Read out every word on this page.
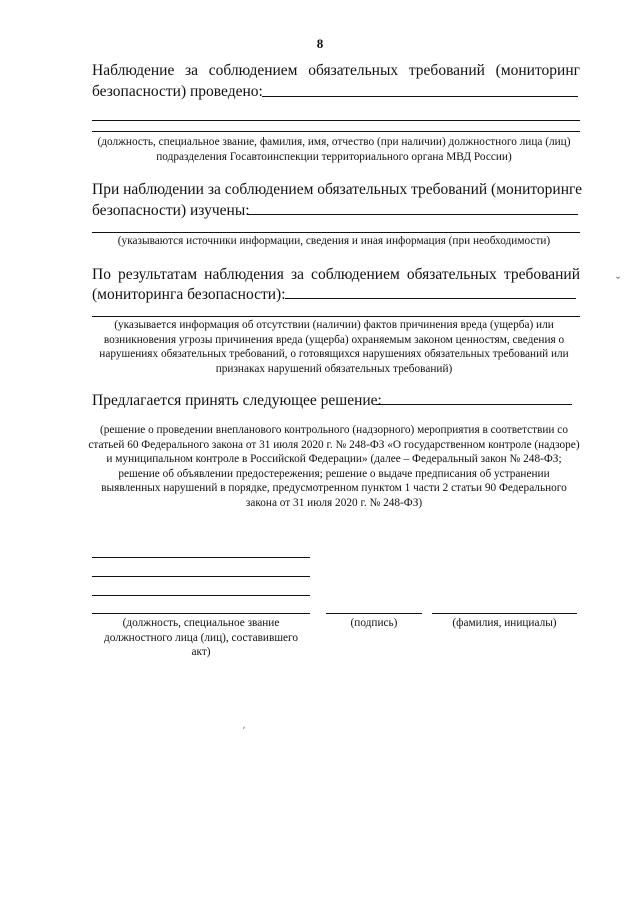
8
Наблюдение за соблюдением обязательных требований (мониторинг
безопасности) проведено:
(должность, специальное звание, фамилия, имя, отчество (при наличии) должностного лица (лиц) подразделения Госавтоинспекции территориального органа МВД России)
При наблюдении за соблюдением обязательных требований (мониторинге
безопасности) изучены:
(указываются источники информации, сведения и иная информация (при необходимости)
По результатам наблюдения за соблюдением обязательных требований
(мониторинга безопасности):
(указывается информация об отсутствии (наличии) фактов причинения вреда (ущерба) или возникновения угрозы причинения вреда (ущерба) охраняемым законом ценностям, сведения о нарушениях обязательных требований, о готовящихся нарушениях обязательных требований или признаках нарушений обязательных требований)
ˇ
Предлагается принять следующее решение:
(решение о проведении внепланового контрольного (надзорного) мероприятия в соответствии со статьей 60 Федерального закона от 31 июля 2020 г. № 248-ФЗ «О государственном контроле (надзоре) и муниципальном контроле в Российской Федерации» (далее – Федеральный закон № 248-ФЗ; решение об объявлении предостережения; решение о выдаче предписания об устранении выявленных нарушений в порядке, предусмотренном пунктом 1 части 2 статьи 90 Федерального закона от 31 июля 2020 г. № 248-ФЗ)
(должность, специальное звание должностного лица (лиц), составившего акт)
(подпись)	(фамилия, инициалы)
ˊ
